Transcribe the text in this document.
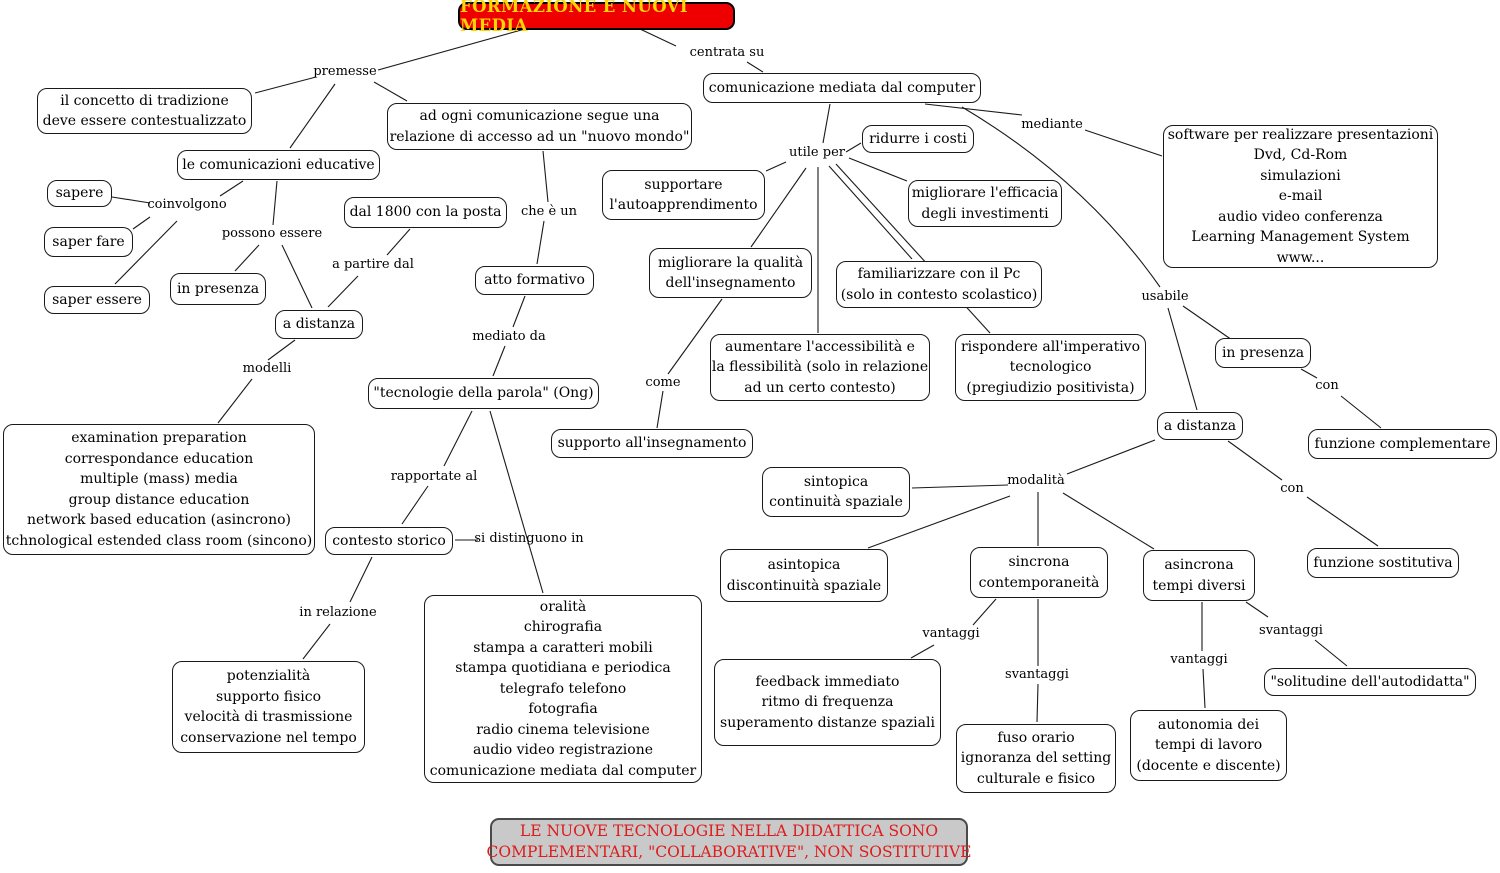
il concetto di tradizione
deve essere contestualizzato
le comunicazioni educative
ad ogni comunicazione segue una
relazione di accesso ad un "nuovo mondo"
comunicazione mediata dal computer
sapere
saper fare
saper essere
in presenza
dal 1800 con la posta
a distanza
atto formativo
"tecnologie della parola" (Ong)
examination preparation
correspondance education
multiple (mass) media
group distance education
network based education (asincrono)
tchnological estended class room (sincono) contesto storico
potenzialità
supporto fisico
velocità di trasmissione
conservazione nel tempo
oralità
chirografia
stampa a caratteri mobili
stampa quotidiana e periodica
telegrafo telefono
fotografia
radio cinema televisione
audio video registrazione
comunicazione mediata dal computer
ridurre i costi
supportare
l'autoapprendimento
migliorare l'efficacia
degli investimenti
migliorare la qualità
dell'insegnamento
familiarizzare con il Pc
(solo in contesto scolastico)
software per realizzare presentazioni
Dvd, Cd-Rom
simulazioni
e-mail
audio video conferenza
Learning Management System
www...
aumentare l'accessibilità e
la flessibilità (solo in relazione
ad un certo contesto)
rispondere all'imperativo
tecnologico
(pregiudizio positivista)
supporto all'insegnamento
in presenza
funzione complementare
a distanza
funzione sostitutiva
sintopica
continuità spaziale
asintopica
discontinuità spaziale
sincrona
contemporaneità
asincrona
tempi diversi
feedback immediato
ritmo di frequenza
superamento distanze spaziali
fuso orario
ignoranza del setting
culturale e fisico
autonomia dei
tempi di lavoro
(docente e discente)
"solitudine dell'autodidatta"
premesse
centrata su
coinvolgono
possono essere
a partire dal
che è un
mediato da
modelli
rapportate al
si distinguono in
in relazione
utile per
mediante
come
usabile
con
con
modalità
vantaggi
svantaggi
vantaggi
svantaggi
FORMAZIONE E NUOVI MEDIA
LE NUOVE TECNOLOGIE NELLA DIDATTICA SONO
COMPLEMENTARI, "COLLABORATIVE", NON SOSTITUTIVE
